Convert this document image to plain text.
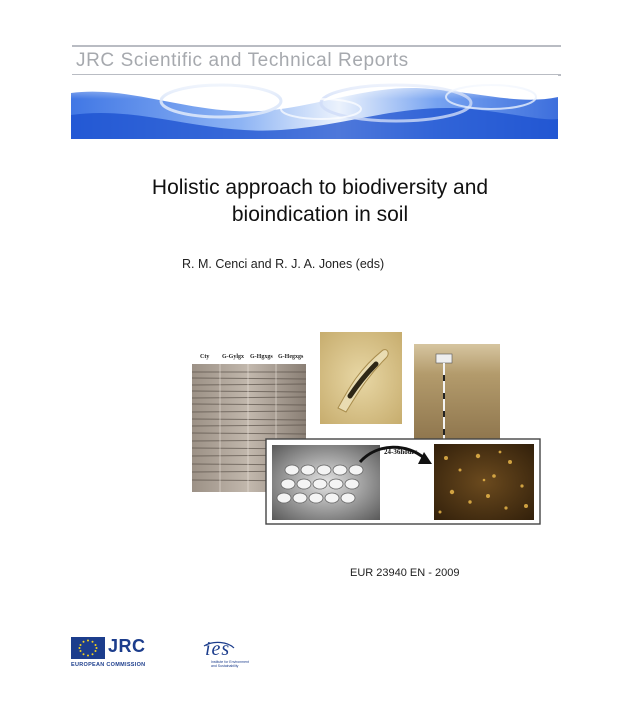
JRC Scientific and Technical Reports
Holistic approach to biodiversity and
bioindication in soil
R. M. Cenci and R. J. A. Jones (eds)
Cty G-Gylgx G-Hgxgs G-Hegxgs
24-36hours
EUR 23940 EN - 2009
JRC
EUROPEAN COMMISSION
ies
Institute for Environment and Sustainability
